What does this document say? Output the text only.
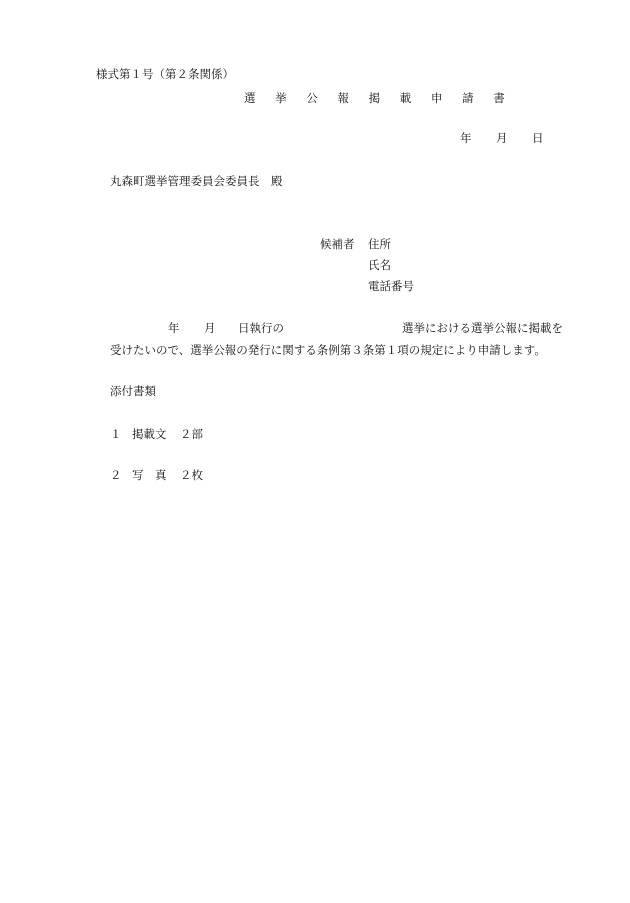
様式第１号（第２条関係）
選 挙 公 報 掲 載 申 請 書
年 月 日
丸森町選挙管理委員会委員長　殿
候補者 住所
氏名
電話番号
年 月 日執行の	選挙における選挙公報に掲載を
受けたいので、選挙公報の発行に関する条例第３条第１項の規定により申請します。
添付書類
１ 掲載文 ２部
２ 写　真 ２枚
